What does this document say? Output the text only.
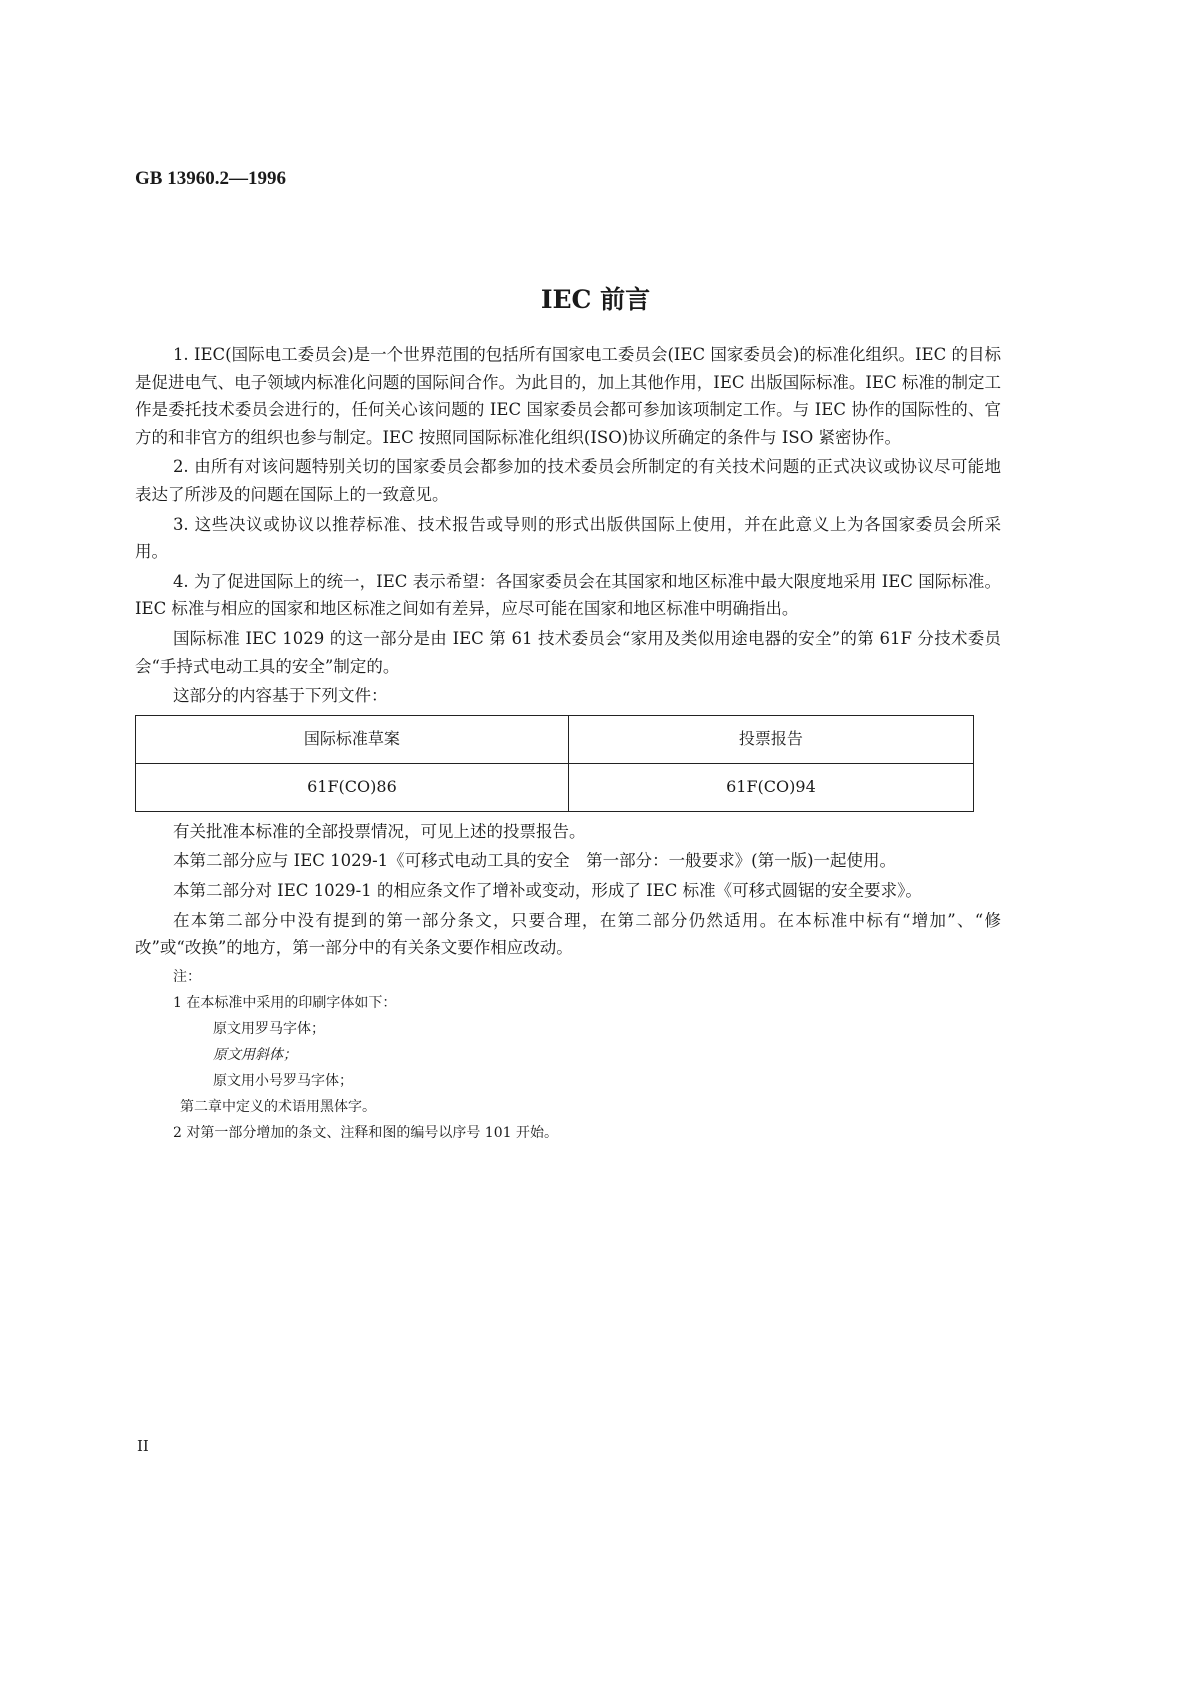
GB 13960.2—1996
IEC 前言

1. IEC(国际电工委员会)是一个世界范围的包括所有国家电工委员会(IEC 国家委员会)的标准化组织。IEC 的目标是促进电气、电子领域内标准化问题的国际间合作。为此目的，加上其他作用，IEC 出版国际标准。IEC 标准的制定工作是委托技术委员会进行的，任何关心该问题的 IEC 国家委员会都可参加该项制定工作。与 IEC 协作的国际性的、官方的和非官方的组织也参与制定。IEC 按照同国际标准化组织(ISO)协议所确定的条件与 ISO 紧密协作。

2. 由所有对该问题特别关切的国家委员会都参加的技术委员会所制定的有关技术问题的正式决议或协议尽可能地表达了所涉及的问题在国际上的一致意见。

3. 这些决议或协议以推荐标准、技术报告或导则的形式出版供国际上使用，并在此意义上为各国家委员会所采用。

4. 为了促进国际上的统一，IEC 表示希望：各国家委员会在其国家和地区标准中最大限度地采用 IEC 国际标准。IEC 标准与相应的国家和地区标准之间如有差异，应尽可能在国家和地区标准中明确指出。

国际标准 IEC 1029 的这一部分是由 IEC 第 61 技术委员会“家用及类似用途电器的安全”的第 61F 分技术委员会“手持式电动工具的安全”制定的。

这部分的内容基于下列文件：

国际标准草案	投票报告
61F(CO)86	61F(CO)94

有关批准本标准的全部投票情况，可见上述的投票报告。

本第二部分应与 IEC 1029-1《可移式电动工具的安全　第一部分：一般要求》(第一版)一起使用。

本第二部分对 IEC 1029-1 的相应条文作了增补或变动，形成了 IEC 标准《可移式圆锯的安全要求》。

在本第二部分中没有提到的第一部分条文，只要合理，在第二部分仍然适用。在本标准中标有“增加”、“修改”或“改换”的地方，第一部分中的有关条文要作相应改动。

注：
1 在本标准中采用的印刷字体如下：
原文用罗马字体；
原文用斜体；
原文用小号罗马字体；
第二章中定义的术语用黑体字。
2 对第一部分增加的条文、注释和图的编号以序号 101 开始。
II
